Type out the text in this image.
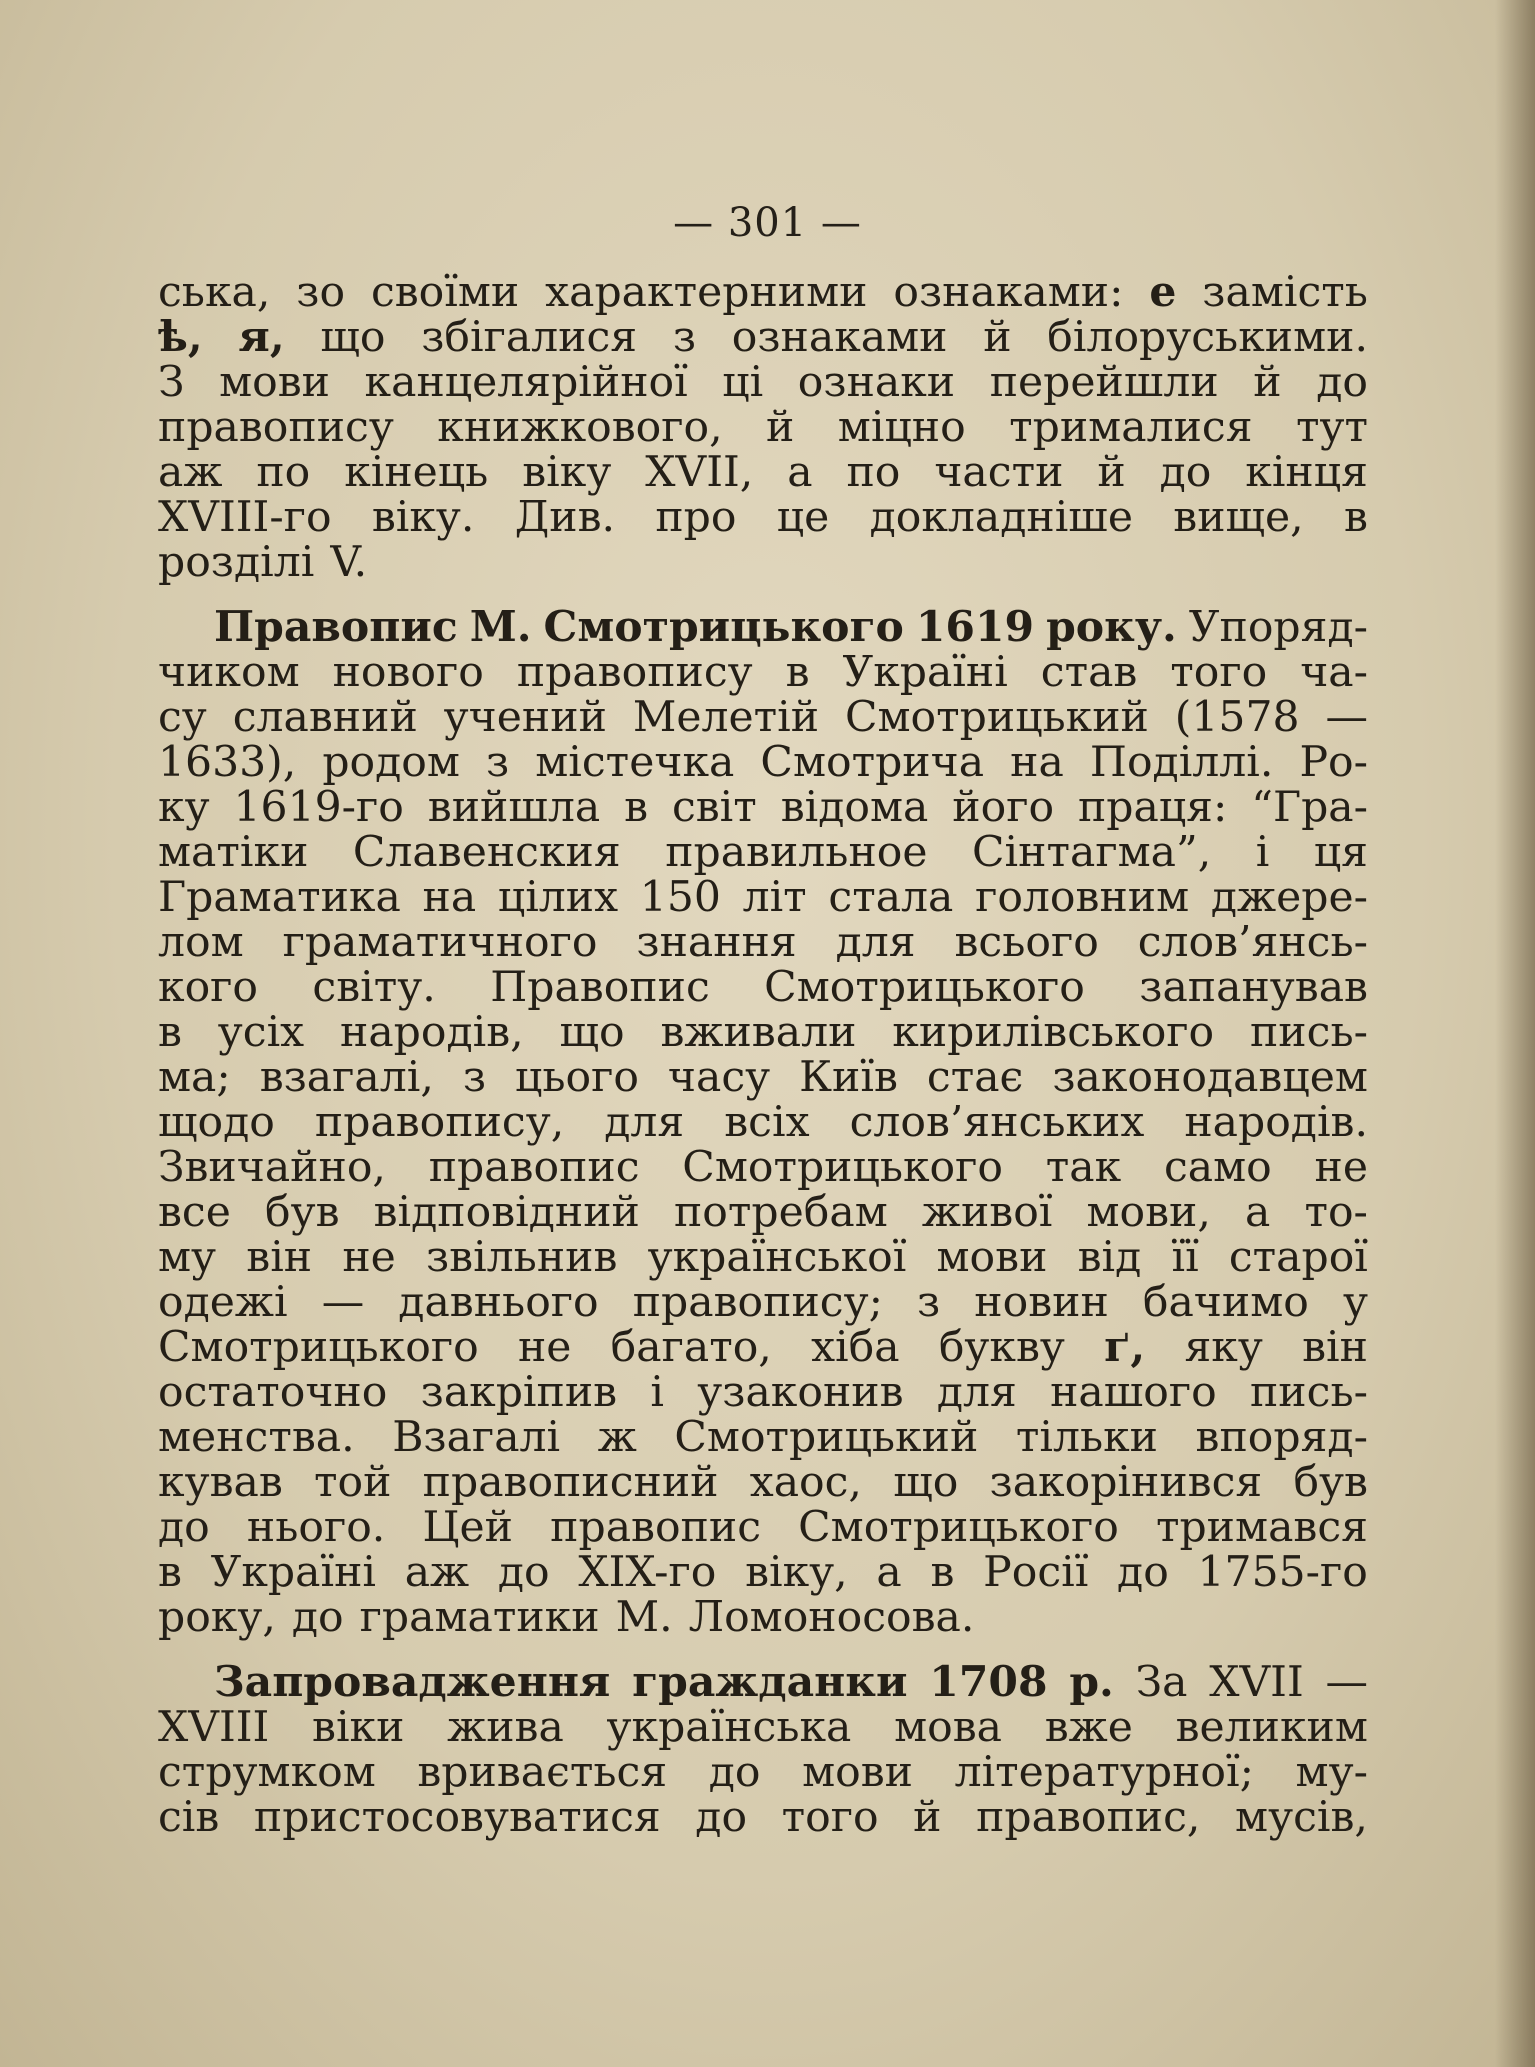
— 301 —
ська, зо своїми характерними ознаками: е замість
ѣ, я, що збігалися з ознаками й білоруськими.
З мови канцелярійної ці ознаки перейшли й до
правопису книжкового, й міцно трималися тут
аж по кінець віку XVII, а по части й до кінця
XVIII-го віку. Див. про це докладніше вище, в
розділі V.
Правопис М. Смотрицького 1619 року. Упоряд-
чиком нового правопису в Україні став того ча-
су славний учений Мелетій Смотрицький (1578 —
1633), родом з містечка Смотрича на Поділлі. Ро-
ку 1619-го вийшла в світ відома його праця: “Гра-
матіки Славенския правильное Сінтагма”, і ця
Граматика на цілих 150 літ стала головним джере-
лом граматичного знання для всього слов’янсь-
кого світу. Правопис Смотрицького запанував
в усіх народів, що вживали кирилівського пись-
ма; взагалі, з цього часу Київ стає законодавцем
щодо правопису, для всіх слов’янських народів.
Звичайно, правопис Смотрицького так само не
все був відповідний потребам живої мови, а то-
му він не звільнив української мови від її старої
одежі — давнього правопису; з новин бачимо у
Смотрицького не багато, хіба букву ґ, яку він
остаточно закріпив і узаконив для нашого пись-
менства. Взагалі ж Смотрицький тільки впоряд-
кував той правописний хаос, що закорінився був
до нього. Цей правопис Смотрицького тримався
в Україні аж до XIX-го віку, а в Росії до 1755-го
року, до граматики М. Ломоносова.
Запровадження гражданки 1708 р. За XVII —
XVIII віки жива українська мова вже великим
струмком вривається до мови літературної; му-
сів пристосовуватися до того й правопис, мусів,
